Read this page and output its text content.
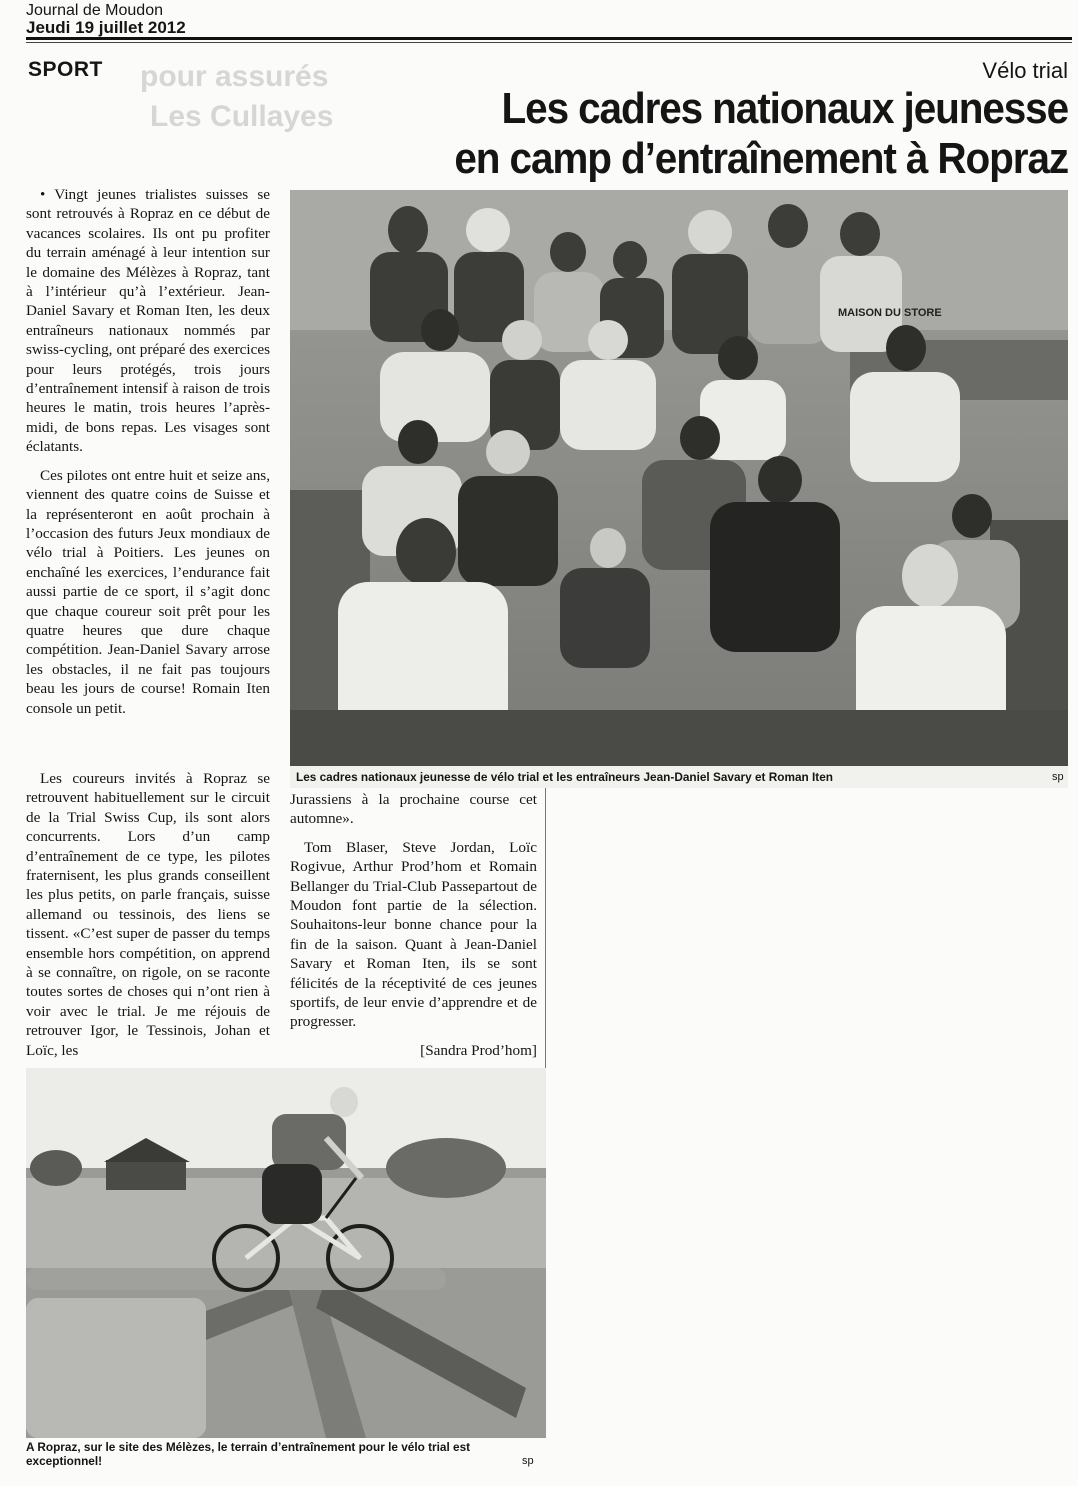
Journal de Moudon
Jeudi 19 juillet 2012
pour assurés
Les Cullayes
SPORT	Vélo trial
Les cadres nationaux jeunesse
en camp d’entraînement à Ropraz

• Vingt jeunes trialistes suisses se sont retrouvés à Ropraz en ce début de vacances scolaires. Ils ont pu profiter du terrain aménagé à leur intention sur le domaine des Mélèzes à Ropraz, tant à l’intérieur qu’à l’extérieur. Jean-Daniel Savary et Roman Iten, les deux entraîneurs nationaux nommés par swiss-cycling, ont préparé des exercices pour leurs protégés, trois jours d’entraînement intensif à raison de trois heures le matin, trois heures l’après-midi, de bons repas. Les visages sont éclatants.

Ces pilotes ont entre huit et seize ans, viennent des quatre coins de Suisse et la représenteront en août prochain à l’occasion des futurs Jeux mondiaux de vélo trial à Poitiers. Les jeunes on enchaîné les exercices, l’endurance fait aussi partie de ce sport, il s’agit donc que chaque coureur soit prêt pour les quatre heures que dure chaque compétition. Jean-Daniel Savary arrose les obstacles, il ne fait pas toujours beau les jours de course! Romain Iten console un petit.

Les coureurs invités à Ropraz se retrouvent habituellement sur le circuit de la Trial Swiss Cup, ils sont alors concurrents. Lors d’un camp d’entraînement de ce type, les pilotes fraternisent, les plus grands conseillent les plus petits, on parle français, suisse allemand ou tessinois, des liens se tissent. «C’est super de passer du temps ensemble hors compétition, on apprend à se connaître, on rigole, on se raconte toutes sortes de choses qui n’ont rien à voir avec le trial. Je me réjouis de retrouver Igor, le Tessinois, Johan et Loïc, les

Jurassiens à la prochaine course cet automne».

Tom Blaser, Steve Jordan, Loïc Rogivue, Arthur Prod’hom et Romain Bellanger du Trial-Club Passepartout de Moudon font partie de la sélection. Souhaitons-leur bonne chance pour la fin de la saison. Quant à Jean-Daniel Savary et Roman Iten, ils se sont félicités de la réceptivité de ces jeunes sportifs, de leur envie d’apprendre et de progresser.

[Sandra Prod’hom]
MAISON DU STORE
Les cadres nationaux jeunesse de vélo trial et les entraîneurs Jean-Daniel Savary et Roman Iten	sp
A Ropraz, sur le site des Mélèzes, le terrain d’entraînement pour le vélo trial est exceptionnel!	sp
